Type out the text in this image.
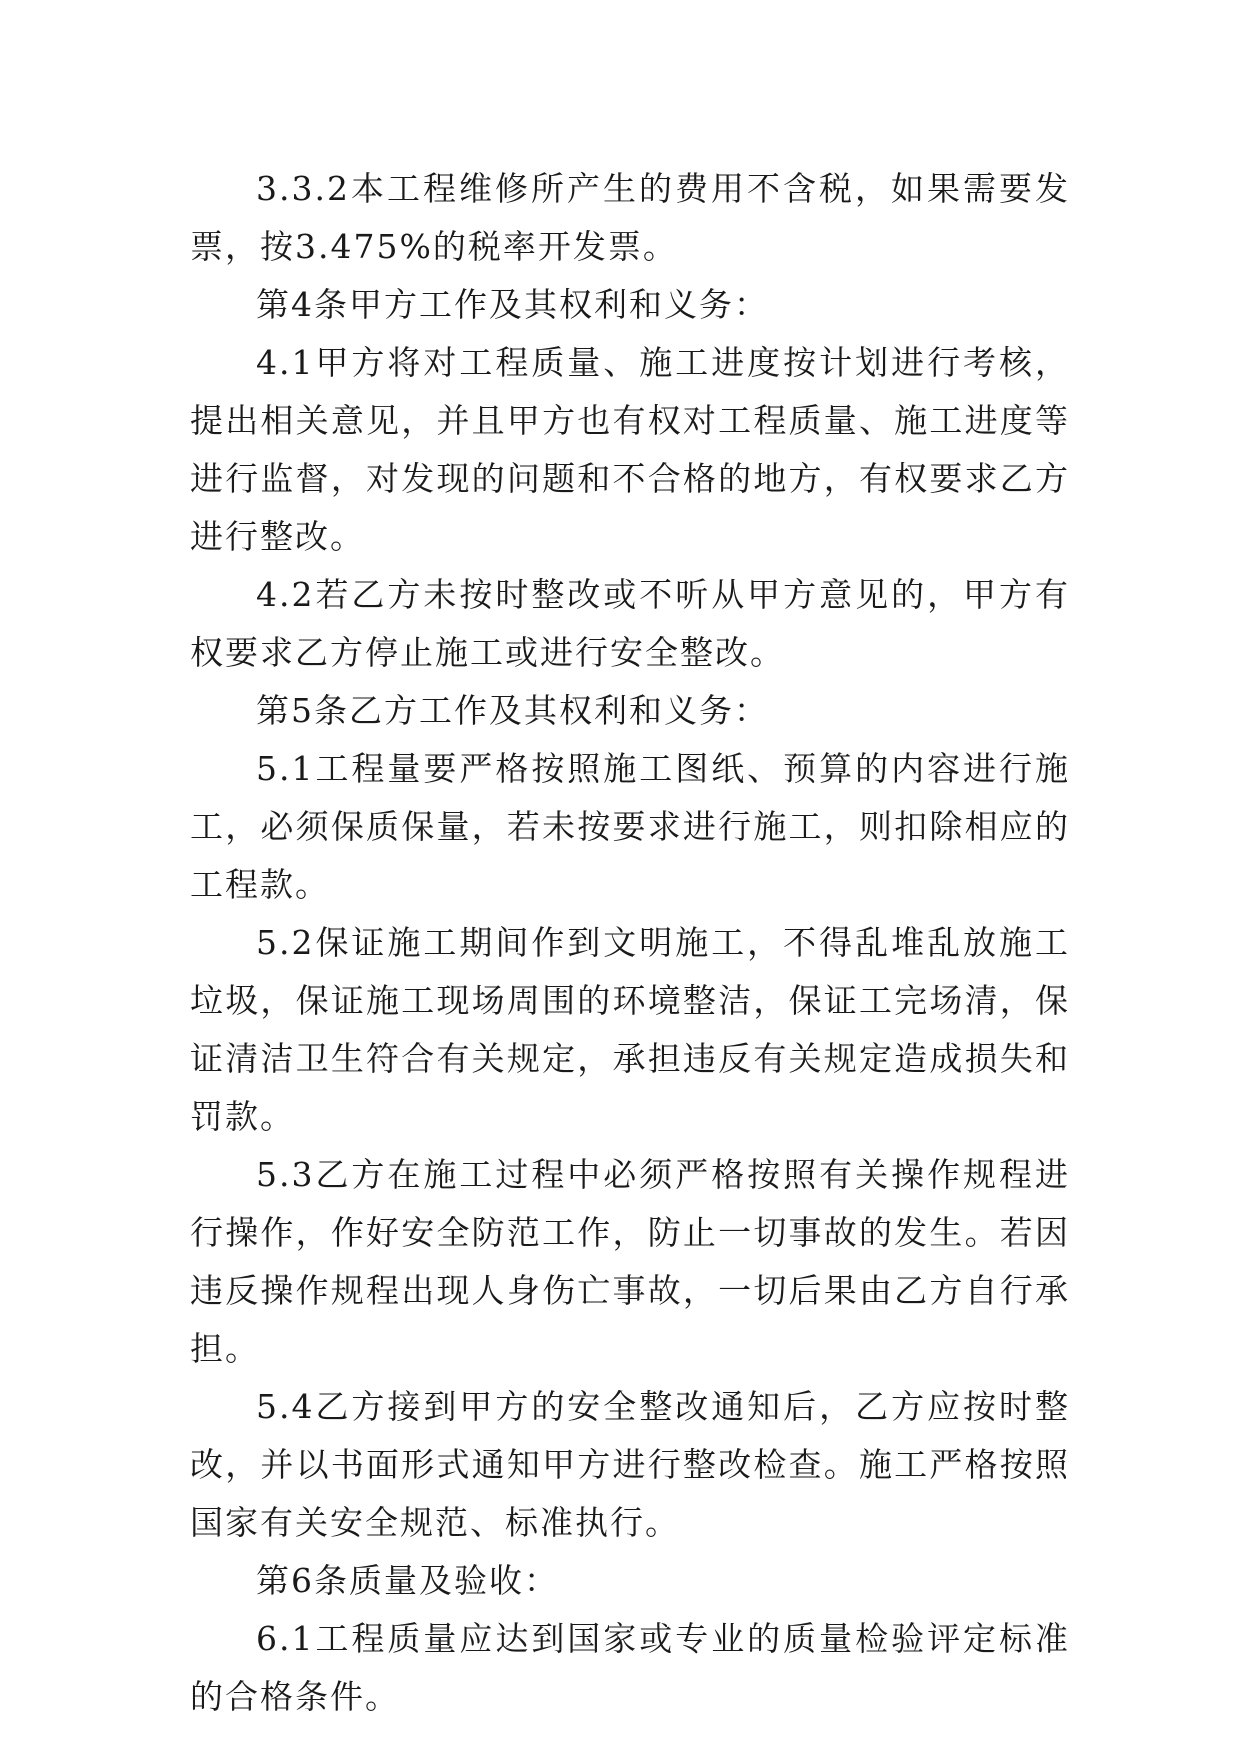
3.3.2本工程维修所产生的费用不含税，如果需要发票，按3.475%的税率开发票。

第4条甲方工作及其权利和义务：

4.1甲方将对工程质量、施工进度按计划进行考核，提出相关意见，并且甲方也有权对工程质量、施工进度等进行监督，对发现的问题和不合格的地方，有权要求乙方进行整改。

4.2若乙方未按时整改或不听从甲方意见的，甲方有权要求乙方停止施工或进行安全整改。

第5条乙方工作及其权利和义务：

5.1工程量要严格按照施工图纸、预算的内容进行施工，必须保质保量，若未按要求进行施工，则扣除相应的工程款。

5.2保证施工期间作到文明施工，不得乱堆乱放施工垃圾，保证施工现场周围的环境整洁，保证工完场清，保证清洁卫生符合有关规定，承担违反有关规定造成损失和罚款。

5.3乙方在施工过程中必须严格按照有关操作规程进行操作，作好安全防范工作，防止一切事故的发生。若因违反操作规程出现人身伤亡事故，一切后果由乙方自行承担。

5.4乙方接到甲方的安全整改通知后，乙方应按时整改，并以书面形式通知甲方进行整改检查。施工严格按照国家有关安全规范、标准执行。

第6条质量及验收：

6.1工程质量应达到国家或专业的质量检验评定标准的合格条件。
